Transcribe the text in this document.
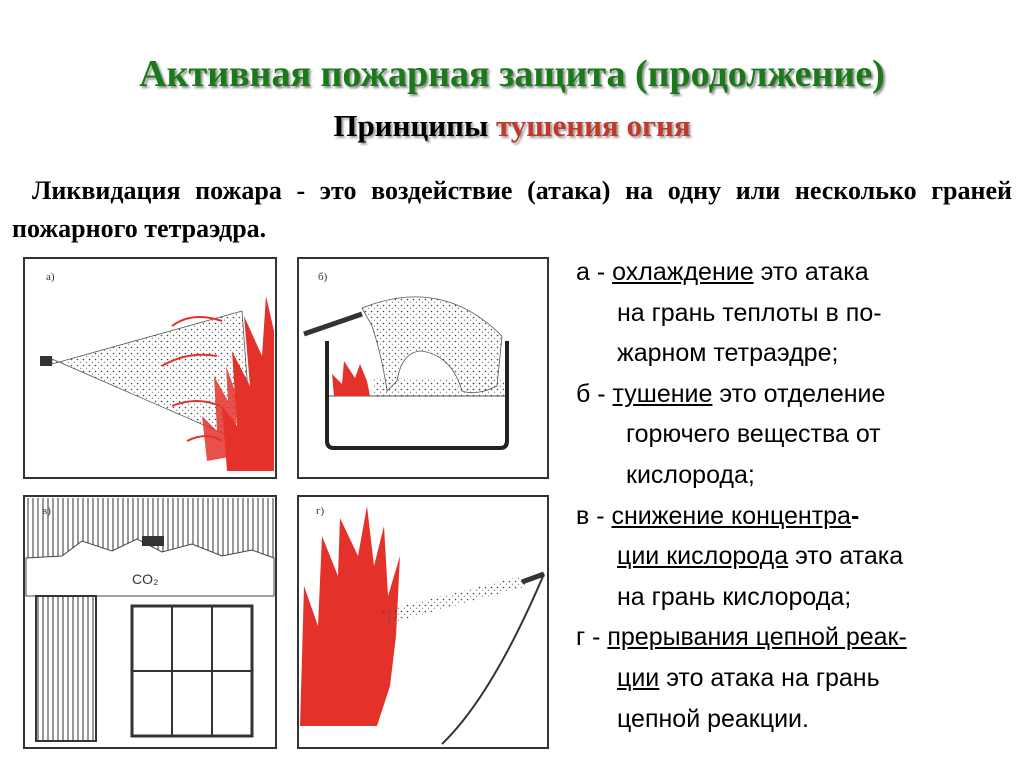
Активная пожарная защита (продолжение)
Принципы тушения огня
Ликвидация пожара - это воздействие (атака) на одну или несколько граней пожарного тетраэдра.
а)	б)
CO₂
г)
а - охлаждение это атака
на грань теплоты в по-
жарном тетраэдре;
б - тушение это отделение
горючего вещества от
кислорода;
в - снижение концентра-
ции кислорода это атака
на грань кислорода;
г - прерывания цепной реак-
ции это атака на грань
цепной реакции.
